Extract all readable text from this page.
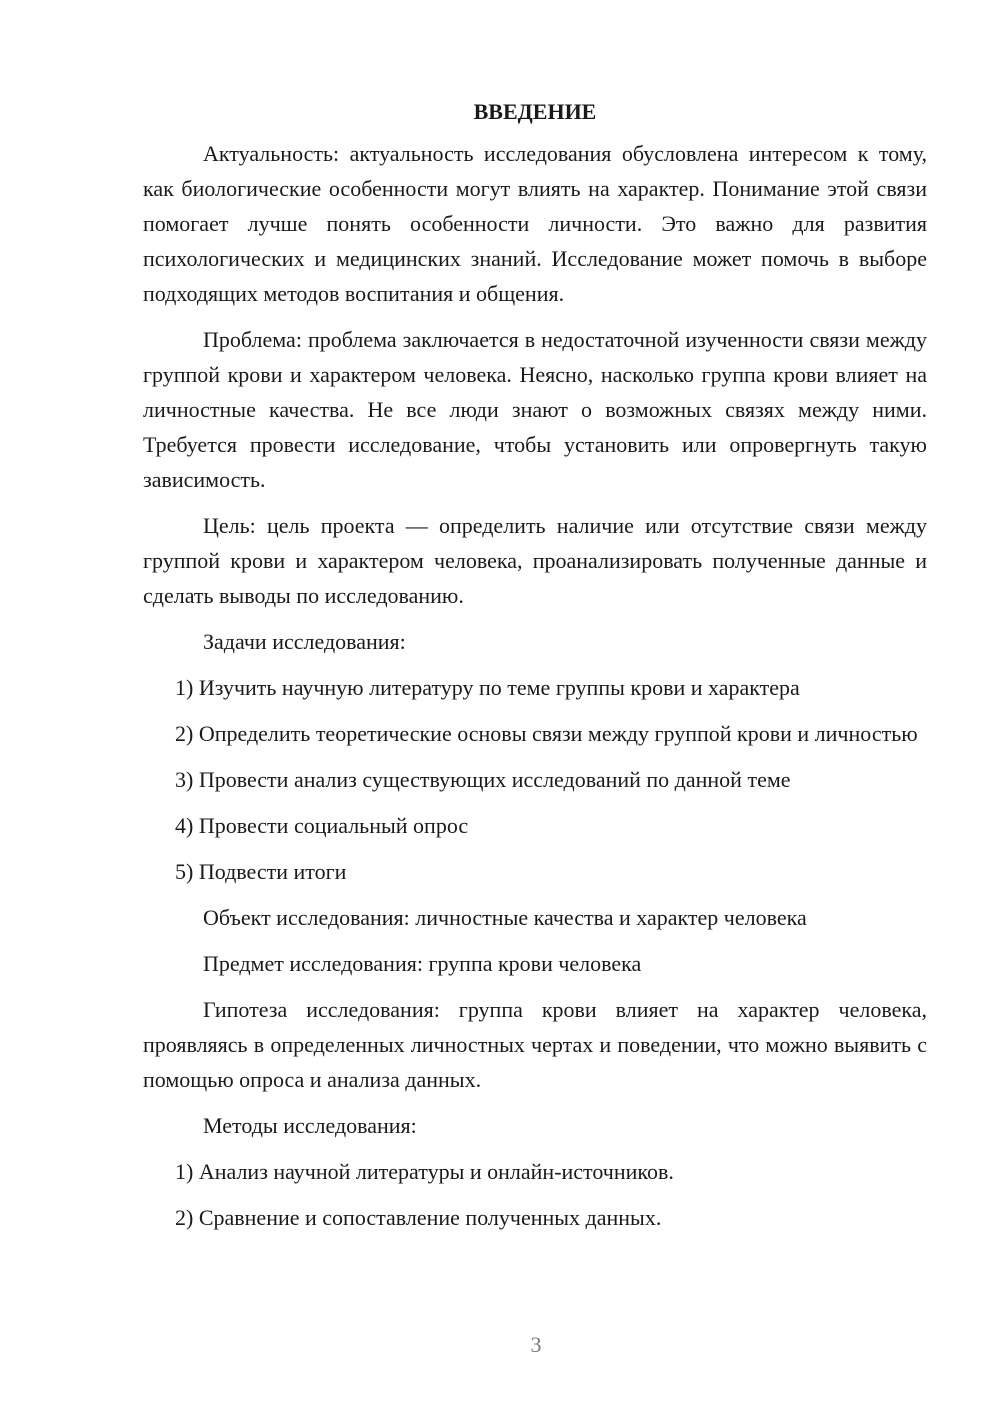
ВВЕДЕНИЕ

Актуальность: актуальность исследования обусловлена интересом к тому, как биологические особенности могут влиять на характер. Понимание этой связи помогает лучше понять особенности личности. Это важно для развития психологических и медицинских знаний. Исследование может помочь в выборе подходящих методов воспитания и общения.

Проблема: проблема заключается в недостаточной изученности связи между группой крови и характером человека. Неясно, насколько группа крови влияет на личностные качества. Не все люди знают о возможных связях между ними. Требуется провести исследование, чтобы установить или опровергнуть такую зависимость.

Цель: цель проекта — определить наличие или отсутствие связи между группой крови и характером человека, проанализировать полученные данные и сделать выводы по исследованию.

Задачи исследования:

1) Изучить научную литературу по теме группы крови и характера

2) Определить теоретические основы связи между группой крови и личностью

3) Провести анализ существующих исследований по данной теме

4) Провести социальный опрос

5) Подвести итоги

Объект исследования: личностные качества и характер человека

Предмет исследования: группа крови человека

Гипотеза исследования: группа крови влияет на характер человека, проявляясь в определенных личностных чертах и поведении, что можно выявить с помощью опроса и анализа данных.

Методы исследования:

1) Анализ научной литературы и онлайн-источников.

2) Сравнение и сопоставление полученных данных.

3
